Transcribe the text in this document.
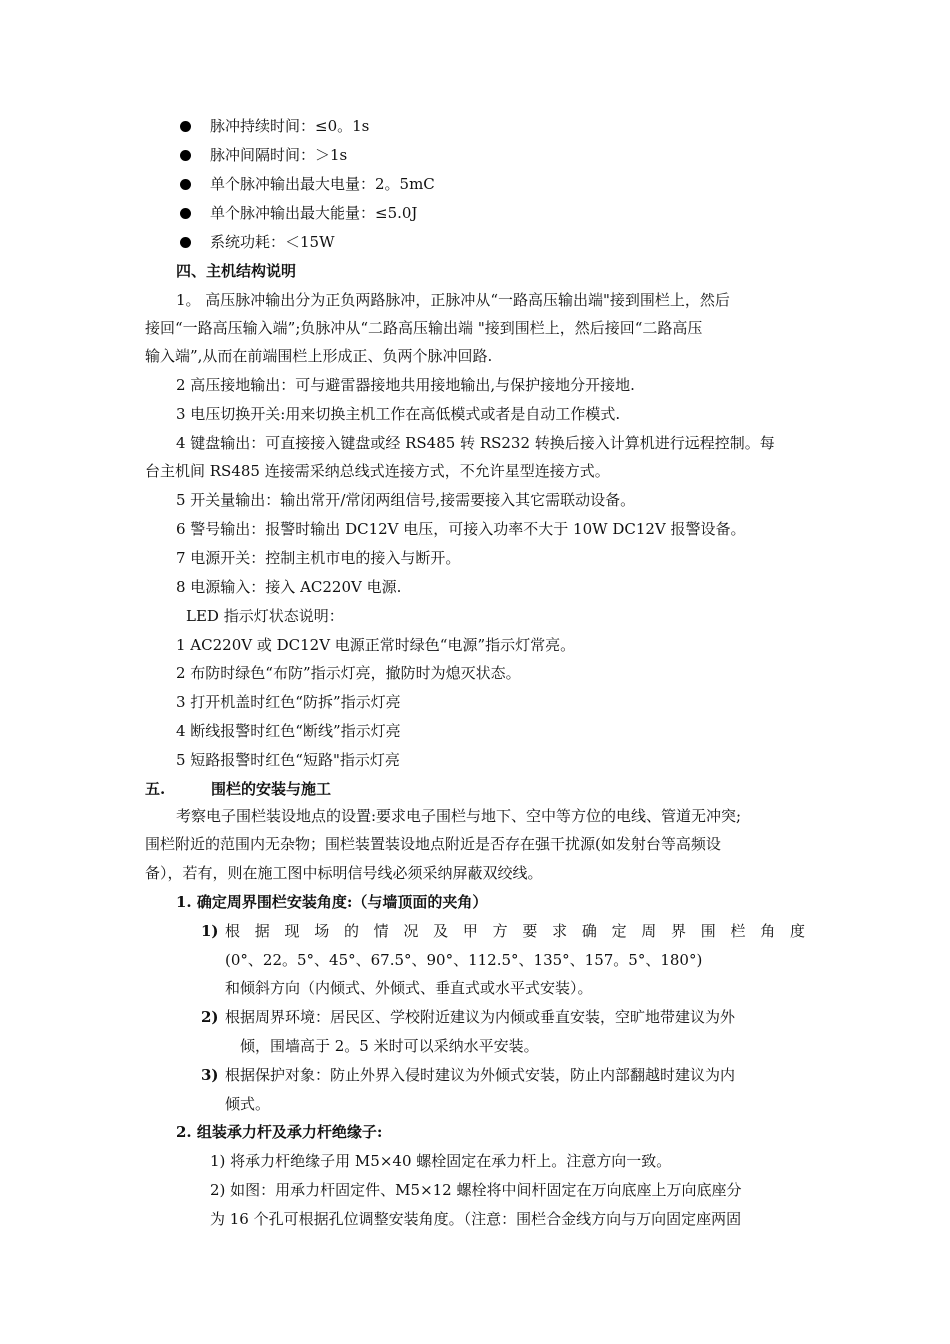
脉冲持续时间：≤0。1s
脉冲间隔时间：＞1s
单个脉冲输出最大电量：2。5mC
单个脉冲输出最大能量：≤5.0J
系统功耗：＜15W
四、主机结构说明
1。 高压脉冲输出分为正负两路脉冲，正脉冲从“一路高压输出端"接到围栏上，然后
接回“一路高压输入端”;负脉冲从“二路高压输出端 "接到围栏上，然后接回“二路高压
输入端”,从而在前端围栏上形成正、负两个脉冲回路.
2 高压接地输出：可与避雷器接地共用接地输出,与保护接地分开接地.
3 电压切换开关:用来切换主机工作在高低模式或者是自动工作模式.
4 键盘输出：可直接接入键盘或经 RS485 转 RS232 转换后接入计算机进行远程控制。每
台主机间 RS485 连接需采纳总线式连接方式，不允许星型连接方式。
5 开关量输出：输出常开/常闭两组信号,接需要接入其它需联动设备。
6 警号输出：报警时输出 DC12V 电压，可接入功率不大于 10W DC12V 报警设备。
7 电源开关：控制主机市电的接入与断开。
8 电源输入：接入 AC220V 电源.
LED 指示灯状态说明：
1 AC220V 或 DC12V 电源正常时绿色“电源”指示灯常亮。
2 布防时绿色“布防”指示灯亮，撤防时为熄灭状态。
3 打开机盖时红色“防拆”指示灯亮
4 断线报警时红色“断线”指示灯亮
5 短路报警时红色“短路"指示灯亮
五.	围栏的安装与施工
考察电子围栏装设地点的设置:要求电子围栏与地下、空中等方位的电线、管道无冲突;
围栏附近的范围内无杂物；围栏装置装设地点附近是否存在强干扰源(如发射台等高频设
备），若有，则在施工图中标明信号线必须采纳屏蔽双绞线。
1. 确定周界围栏安装角度:（与墙顶面的夹角）
1) 根 据 现 场 的 情 况 及 甲 方 要 求 确 定 周 界 围 栏 角 度
(0°、22。5°、45°、67.5°、90°、112.5°、135°、157。5°、180°)
和倾斜方向（内倾式、外倾式、垂直式或水平式安装）。
2) 根据周界环境：居民区、学校附近建议为内倾或垂直安装，空旷地带建议为外
倾，围墙高于 2。5 米时可以采纳水平安装。
3) 根据保护对象：防止外界入侵时建议为外倾式安装，防止内部翻越时建议为内
倾式。
2. 组装承力杆及承力杆绝缘子:
1) 将承力杆绝缘子用 M5×40 螺栓固定在承力杆上。注意方向一致。
2) 如图：用承力杆固定件、M5×12 螺栓将中间杆固定在万向底座上万向底座分
为 16 个孔可根据孔位调整安装角度。（注意：围栏合金线方向与万向固定座两固
